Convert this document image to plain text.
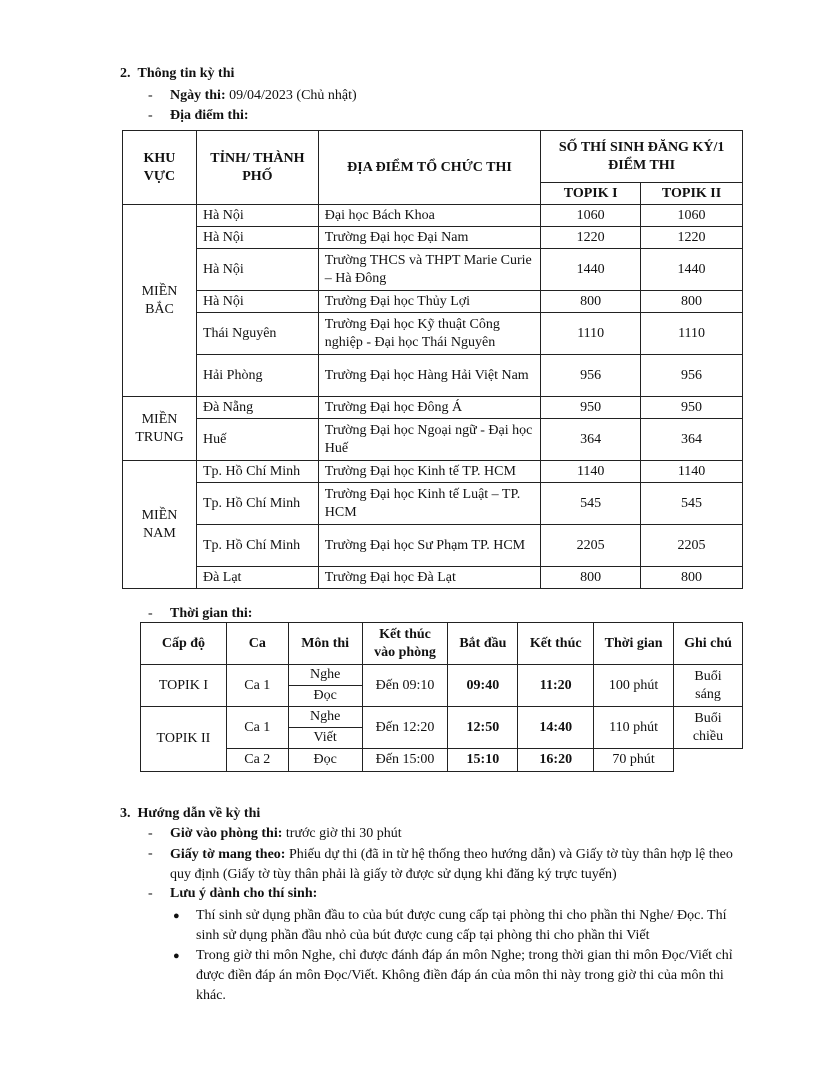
2.  Thông tin kỳ thi
- Ngày thi: 09/04/2023 (Chủ nhật)
- Địa điểm thi:
KHU VỰC	TỈNH/ THÀNH PHỐ	ĐỊA ĐIỂM TỔ CHỨC THI	SỐ THÍ SINH ĐĂNG KÝ/1 ĐIỂM THI	
			TOPIK I	TOPIK II
MIỀN BẮC	Hà Nội	Đại học Bách Khoa	1060	1060
	Hà Nội	Trường Đại học Đại Nam	1220	1220
	Hà Nội	Trường THCS và THPT Marie Curie – Hà Đông	1440	1440
	Hà Nội	Trường Đại học Thủy Lợi	800	800
	Thái Nguyên	Trường Đại học Kỹ thuật Công nghiệp - Đại học Thái Nguyên	1110	1110
	Hải Phòng	Trường Đại học Hàng Hải Việt Nam	956	956
MIỀN TRUNG	Đà Nẵng	Trường Đại học Đông Á	950	950
	Huế	Trường Đại học Ngoại ngữ - Đại học Huế	364	364
MIỀN NAM	Tp. Hồ Chí Minh	Trường Đại học Kinh tế TP. HCM	1140	1140
	Tp. Hồ Chí Minh	Trường Đại học Kinh tế Luật – TP. HCM	545	545
	Tp. Hồ Chí Minh	Trường Đại học Sư Phạm TP. HCM	2205	2205
	Đà Lạt	Trường Đại học Đà Lạt	800	800
- Thời gian thi:
Cấp độ	Ca	Môn thi	Kết thúc vào phòng	Bắt đầu	Kết thúc	Thời gian	Ghi chú
TOPIK I	Ca 1	Nghe	Đến 09:10	09:40	11:20	100 phút	Buổi sáng
		Đọc					
TOPIK II	Ca 1	Nghe	Đến 12:20	12:50	14:40	110 phút	Buổi chiều
		Viết					
	Ca 2	Đọc	Đến 15:00	15:10	16:20	70 phút	
3.  Hướng dẫn về kỳ thi
- Giờ vào phòng thi: trước giờ thi 30 phút
- Giấy tờ mang theo: Phiếu dự thi (đã in từ hệ thống theo hướng dẫn) và Giấy tờ tùy thân hợp lệ theo quy định (Giấy tờ tùy thân phải là giấy tờ được sử dụng khi đăng ký trực tuyến)

- Lưu ý dành cho thí sinh:
● Thí sinh sử dụng phần đầu to của bút được cung cấp tại phòng thi cho phần thi Nghe/ Đọc. Thí sinh sử dụng phần đầu nhỏ của bút được cung cấp tại phòng thi cho phần thi Viết

● Trong giờ thi môn Nghe, chỉ được đánh đáp án môn Nghe; trong thời gian thi môn Đọc/Viết chỉ được điền đáp án môn Đọc/Viết. Không điền đáp án của môn thi này trong giờ thi của môn thi khác.
